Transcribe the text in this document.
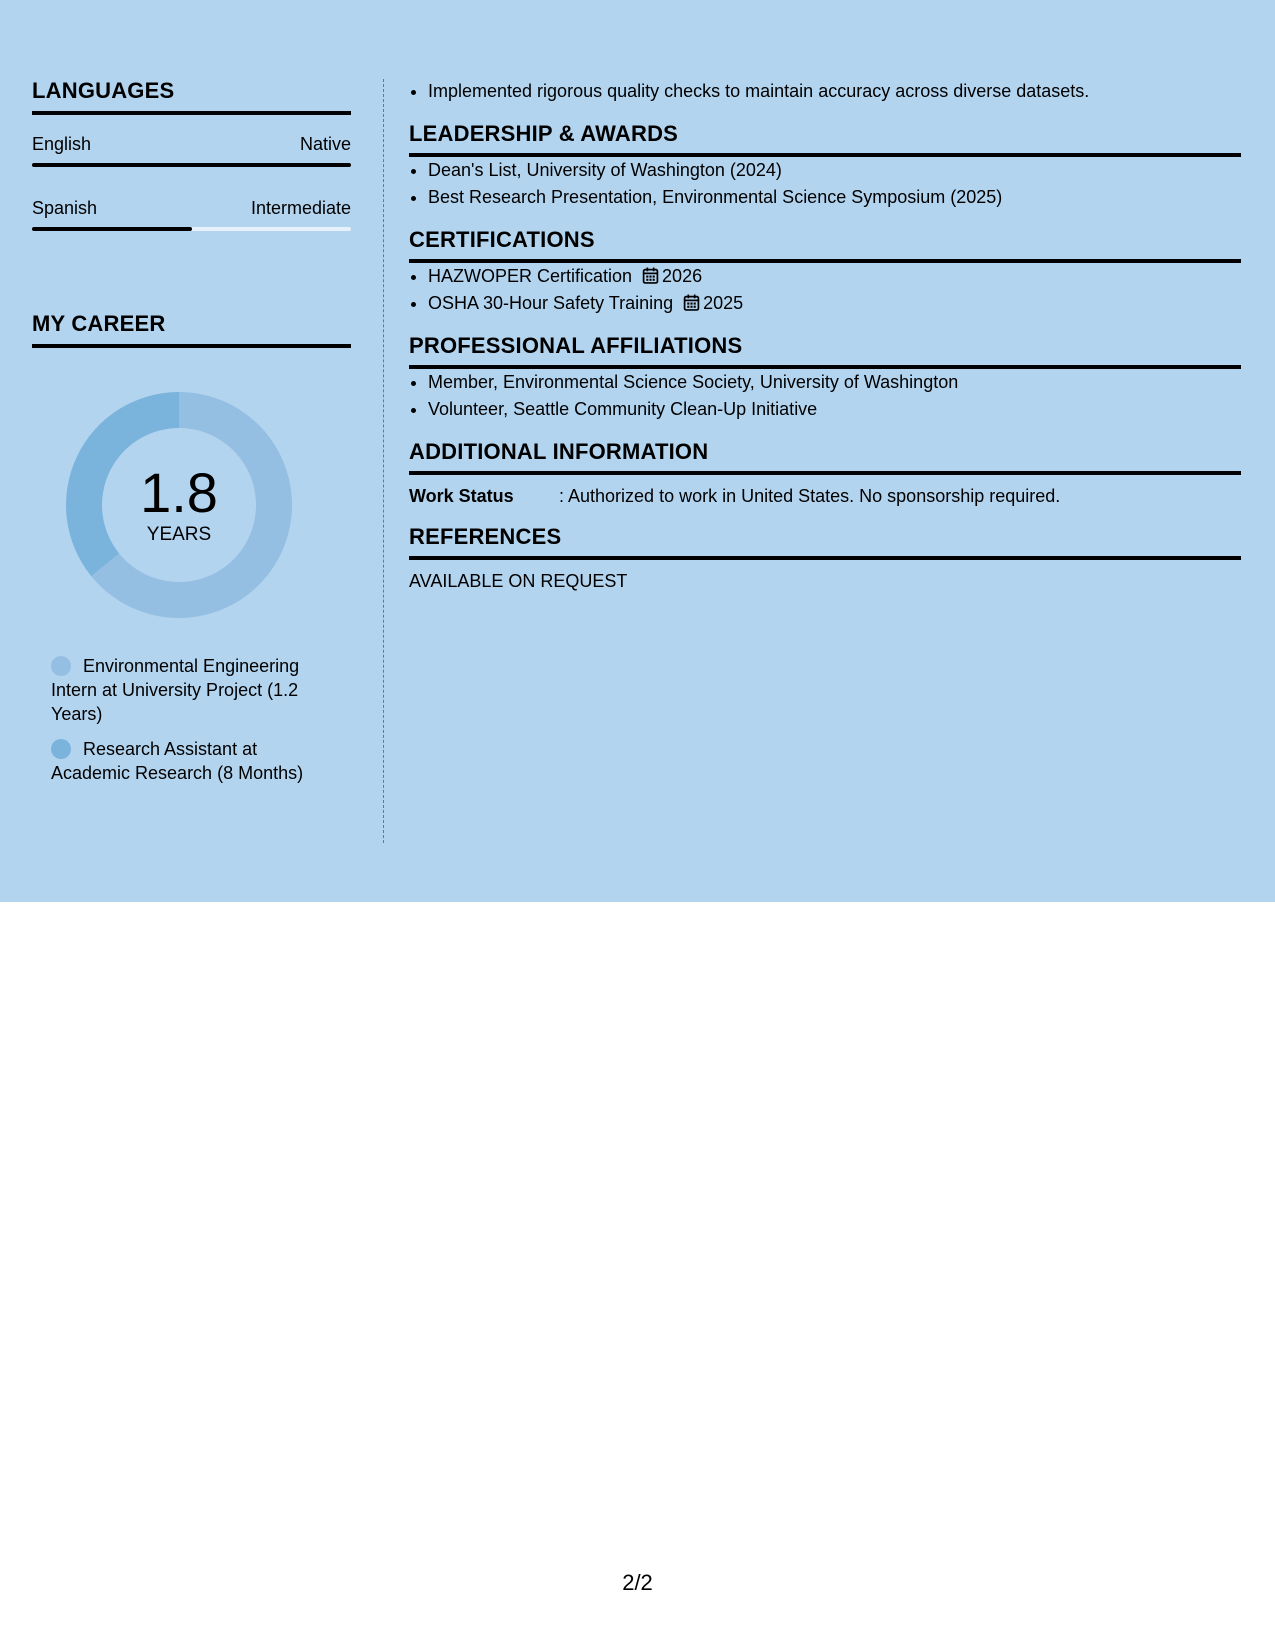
LANGUAGES
English	Native
Spanish	Intermediate
MY CAREER
1.8
YEARS
Environmental Engineering Intern at University Project (1.2 Years)
Research Assistant at Academic Research (8 Months)
• Implemented rigorous quality checks to maintain accuracy across diverse datasets.
LEADERSHIP & AWARDS
• Dean's List, University of Washington (2024)
• Best Research Presentation, Environmental Science Symposium (2025)
CERTIFICATIONS
• HAZWOPER Certification 2026
• OSHA 30-Hour Safety Training 2025
PROFESSIONAL AFFILIATIONS
• Member, Environmental Science Society, University of Washington
• Volunteer, Seattle Community Clean-Up Initiative
ADDITIONAL INFORMATION
Work Status	: Authorized to work in United States. No sponsorship required.
REFERENCES
AVAILABLE ON REQUEST
2/2
